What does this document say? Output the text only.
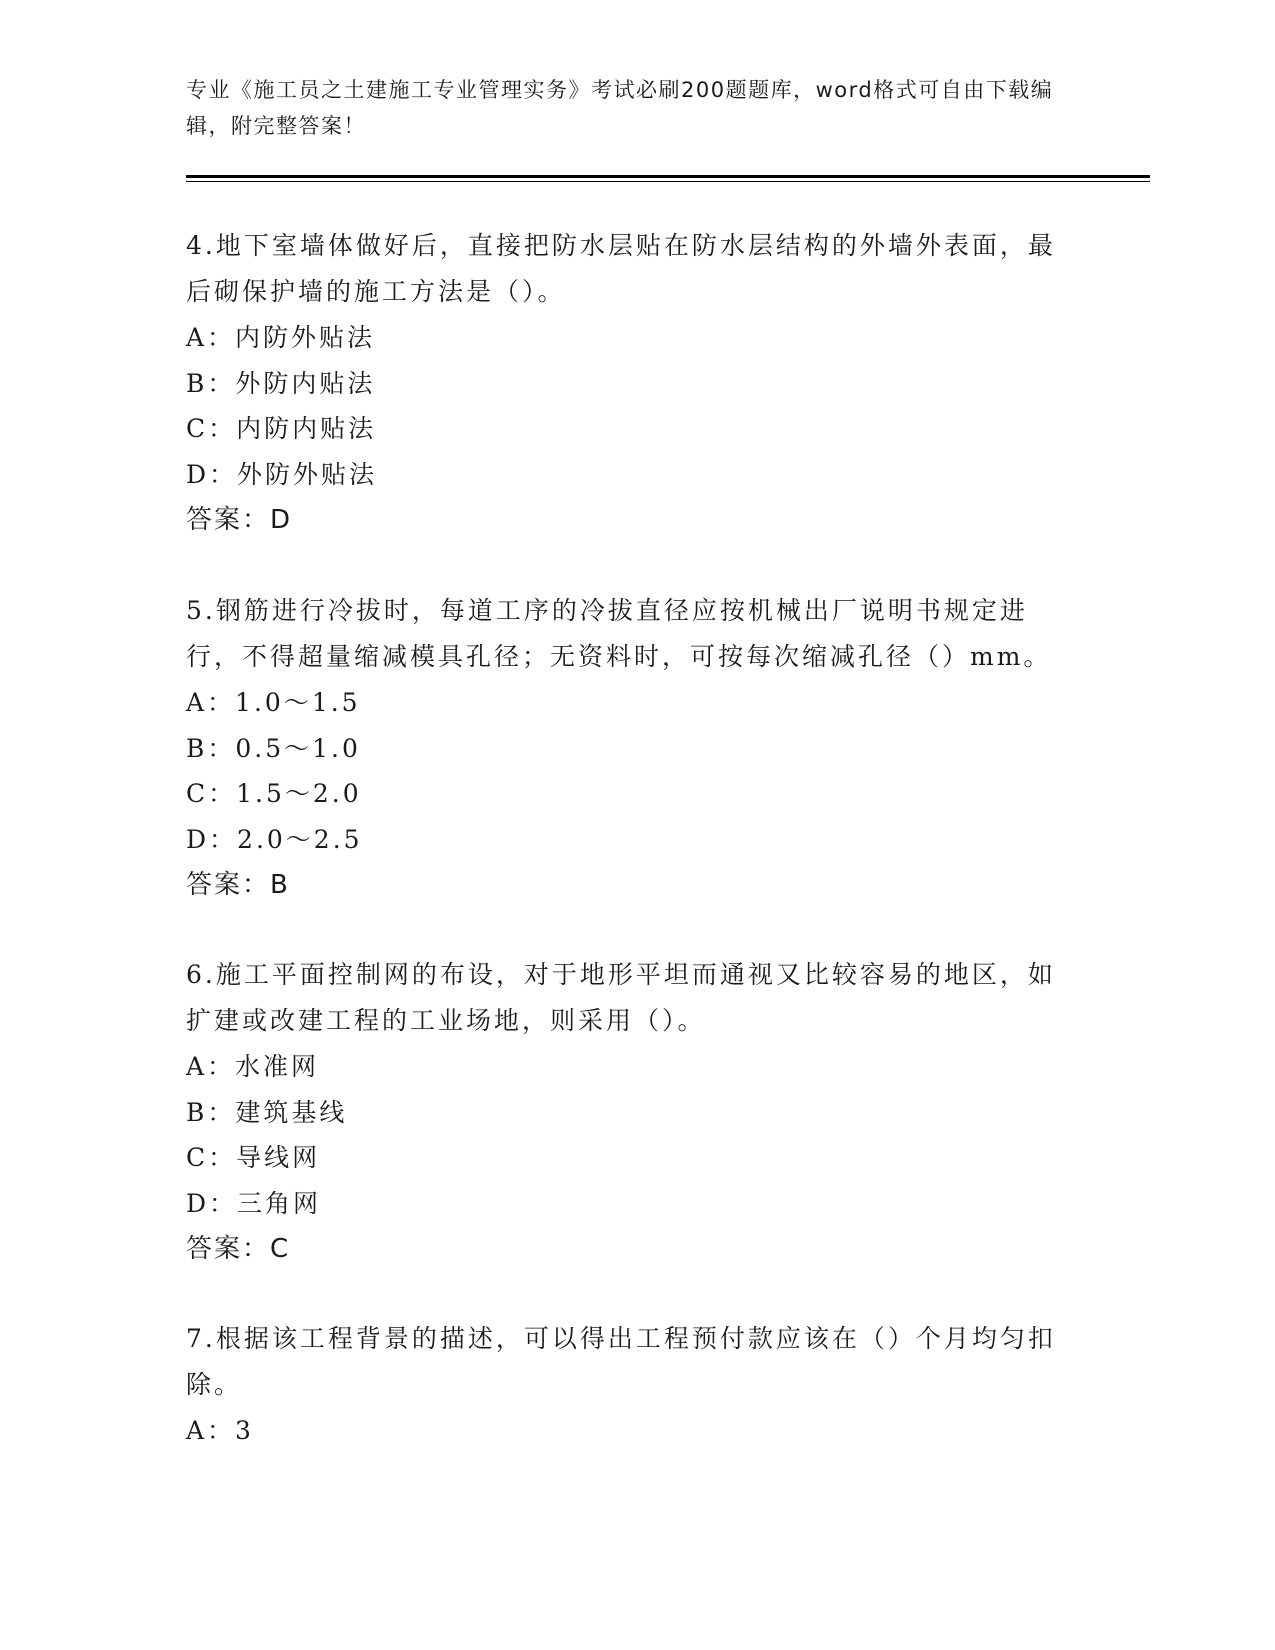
专业《施工员之土建施工专业管理实务》考试必刷200题题库，word格式可自由下载编辑，附完整答案！

4.地下室墙体做好后，直接把防水层贴在防水层结构的外墙外表面，最后砌保护墙的施工方法是（）。

A：内防外贴法

B：外防内贴法

C：内防内贴法

D：外防外贴法

答案：D

5.钢筋进行冷拔时，每道工序的冷拔直径应按机械出厂说明书规定进行，不得超量缩减模具孔径；无资料时，可按每次缩减孔径（）mm。

A：1.0～1.5

B：0.5～1.0

C：1.5～2.0

D：2.0～2.5

答案：B

6.施工平面控制网的布设，对于地形平坦而通视又比较容易的地区，如扩建或改建工程的工业场地，则采用（）。

A：水准网

B：建筑基线

C：导线网

D：三角网

答案：C

7.根据该工程背景的描述，可以得出工程预付款应该在（）个月均匀扣除。

A：3
